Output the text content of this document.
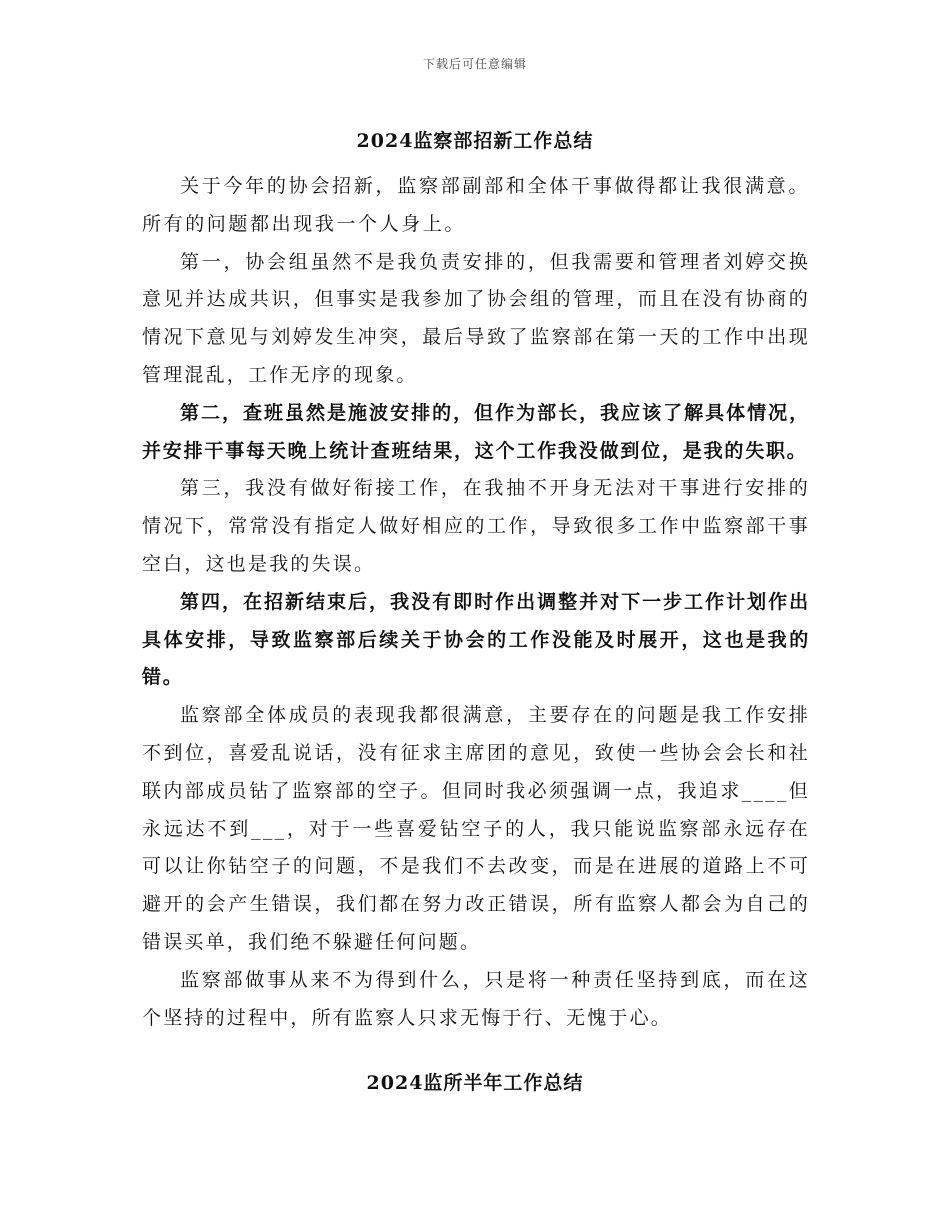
下载后可任意编辑
2024监察部招新工作总结

关于今年的协会招新，监察部副部和全体干事做得都让我很满意。所有的问题都出现我一个人身上。

第一，协会组虽然不是我负责安排的，但我需要和管理者刘婷交换意见并达成共识，但事实是我参加了协会组的管理，而且在没有协商的情况下意见与刘婷发生冲突，最后导致了监察部在第一天的工作中出现管理混乱，工作无序的现象。

第二，查班虽然是施波安排的，但作为部长，我应该了解具体情况，并安排干事每天晚上统计查班结果，这个工作我没做到位，是我的失职。

第三，我没有做好衔接工作，在我抽不开身无法对干事进行安排的情况下，常常没有指定人做好相应的工作，导致很多工作中监察部干事空白，这也是我的失误。

第四，在招新结束后，我没有即时作出调整并对下一步工作计划作出具体安排，导致监察部后续关于协会的工作没能及时展开，这也是我的错。

监察部全体成员的表现我都很满意，主要存在的问题是我工作安排不到位，喜爱乱说话，没有征求主席团的意见，致使一些协会会长和社联内部成员钻了监察部的空子。但同时我必须强调一点，我追求____但永远达不到___，对于一些喜爱钻空子的人，我只能说监察部永远存在可以让你钻空子的问题，不是我们不去改变，而是在进展的道路上不可避开的会产生错误，我们都在努力改正错误，所有监察人都会为自己的错误买单，我们绝不躲避任何问题。

监察部做事从来不为得到什么，只是将一种责任坚持到底，而在这个坚持的过程中，所有监察人只求无悔于行、无愧于心。

2024监所半年工作总结
